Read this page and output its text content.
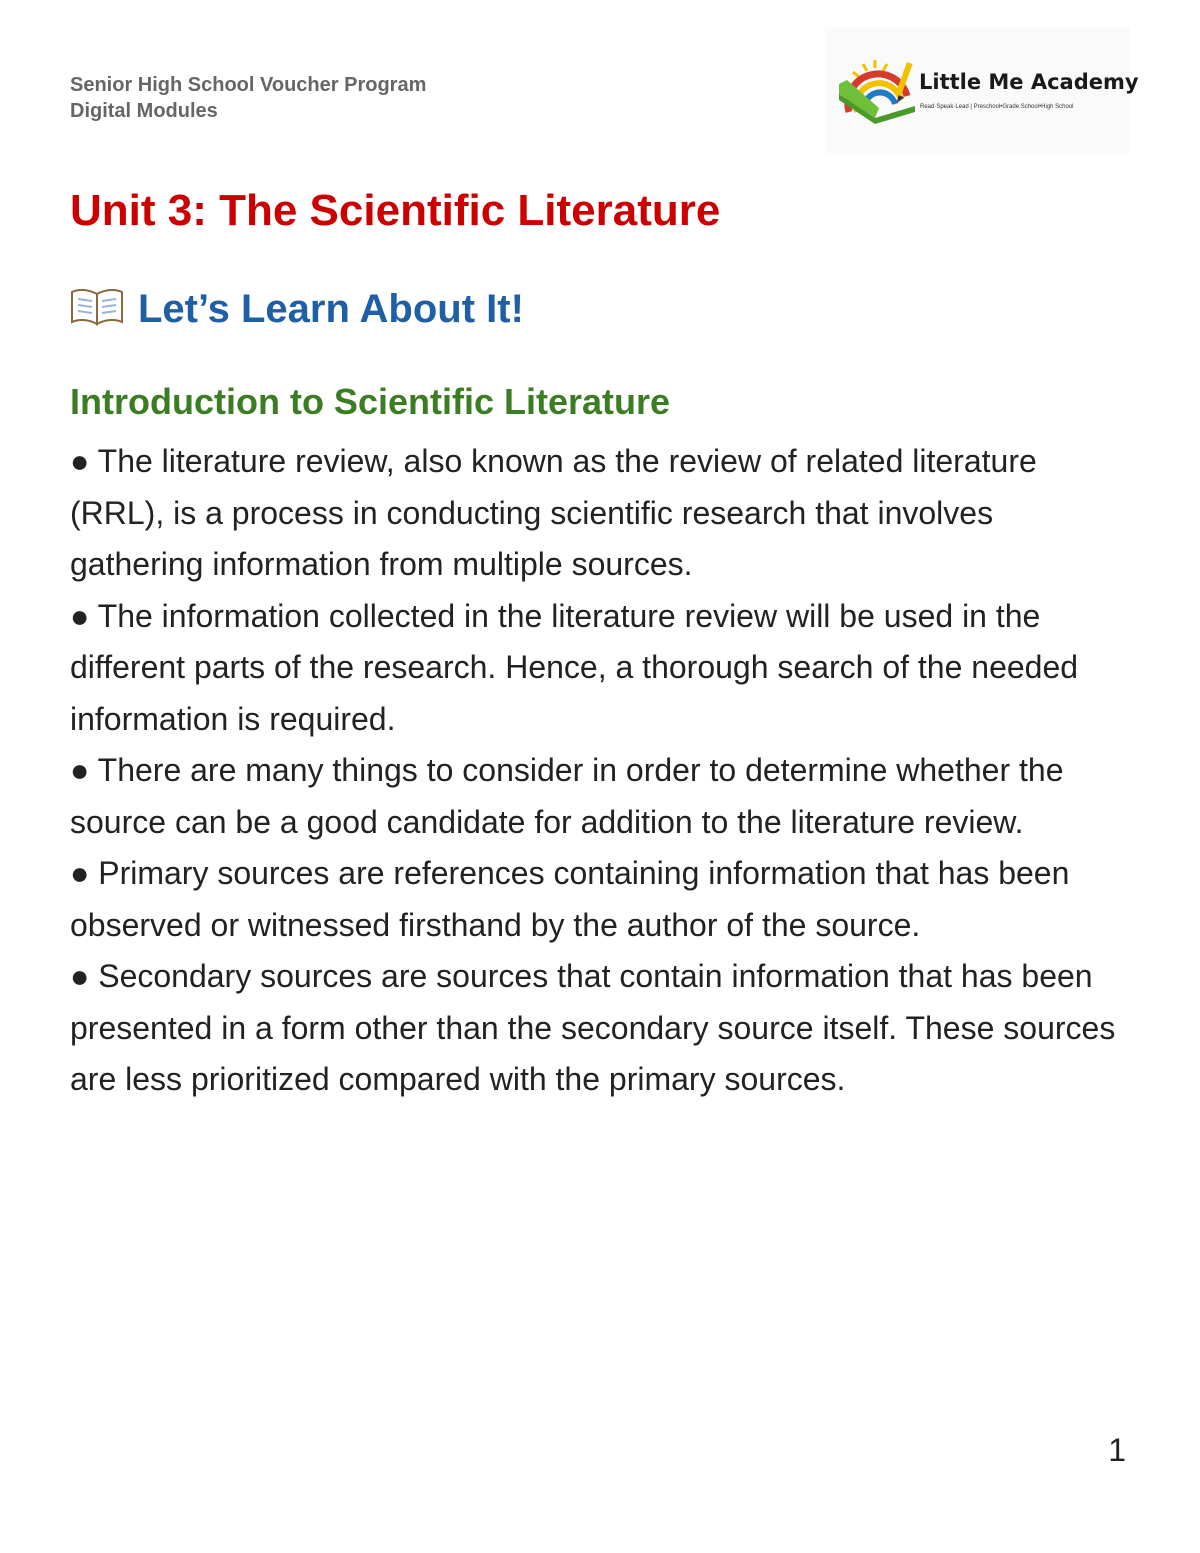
Senior High School Voucher Program
Digital Modules
Little Me Academy
Read·Speak·Lead | Preschool•Grade School•High School
Unit 3: The Scientific Literature
Let’s Learn About It!
Introduction to Scientific Literature
● The literature review, also known as the review of related literature (RRL), is a process in conducting scientific research that involves gathering information from multiple sources.
● The information collected in the literature review will be used in the different parts of the research. Hence, a thorough search of the needed information is required.
● There are many things to consider in order to determine whether the source can be a good candidate for addition to the literature review.
● Primary sources are references containing information that has been observed or witnessed firsthand by the author of the source.
● Secondary sources are sources that contain information that has been presented in a form other than the secondary source itself. These sources are less prioritized compared with the primary sources.
1
